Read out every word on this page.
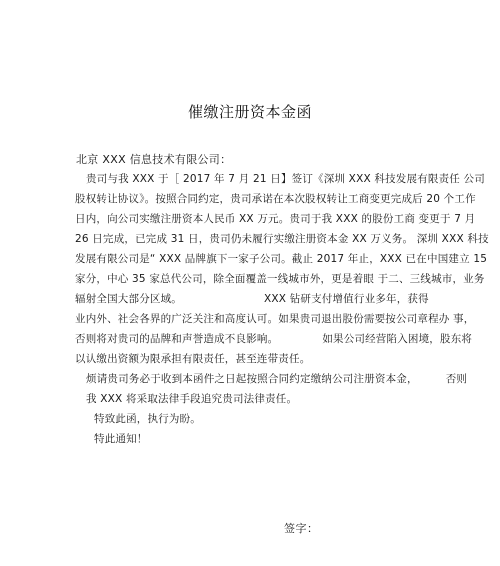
催缴注册资本金函
北京 XXX 信息技术有限公司：
贵司与我 XXX 于［ 2017 年 7 月 21 日】签订《深圳 XXX 科技发展有限责任 公司
股权转让协议》。按照合同约定，贵司承诺在本次股权转让工商变更完成后 20 个工作
日内，向公司实缴注册资本人民币 XX 万元。贵司于我 XXX 的股份工商 变更于 7 月
26 日完成，已完成 31 日，贵司仍未履行实缴注册资本金 XX 万义务。 深圳 XXX 科技
发展有限公司是“ XXX 品牌旗下一家子公司。截止 2017 年止，XXX 已在中国建立 15
家分，中心 35 家总代公司，除全面覆盖一线城市外，更是着眼 于二、三线城市，业务
辐射全国大部分区域。	XXX 钻研支付增值行业多年，获得
业内外、社会各界的广泛关注和高度认可。如果贵司退出股份需要按公司章程办 事，
否则将对贵司的品牌和声誉造成不良影响。	如果公司经营陷入困境，股东将
以认缴出资额为限承担有限责任，甚至连带责任。
烦请贵司务必于收到本函件之日起按照合同约定缴纳公司注册资本金，	否则
我 XXX 将采取法律手段追究贵司法律责任。
特致此函，执行为盼。
特此通知！
签字：
